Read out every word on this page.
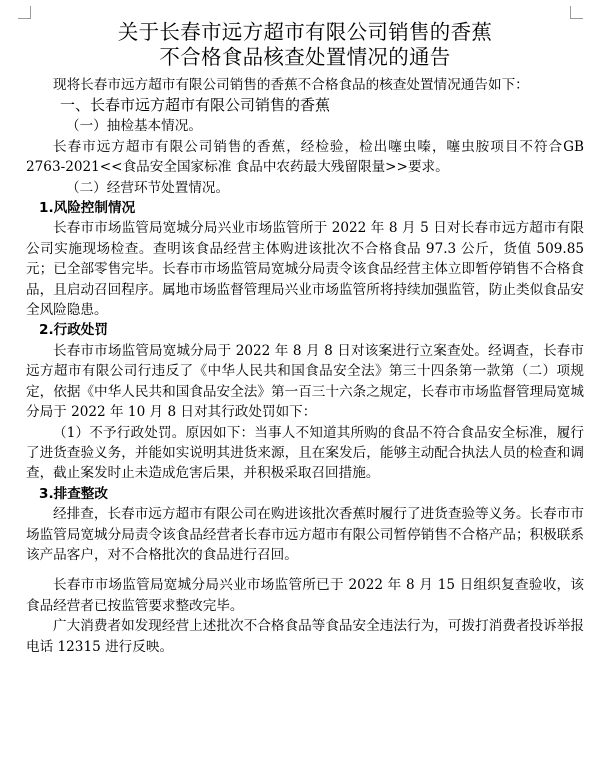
关于长春市远方超市有限公司销售的香蕉
不合格食品核查处置情况的通告

现将长春市远方超市有限公司销售的香蕉不合格食品的核查处置情况通告如下：

一、长春市远方超市有限公司销售的香蕉

（一）抽检基本情况。

长春市远方超市有限公司销售的香蕉，经检验，检出噻虫嗪，噻虫胺项目不符合GB 2763-2021<<食品安全国家标准 食品中农药最大残留限量>>要求。

（二）经营环节处置情况。

1.风险控制情况

长春市市场监管局宽城分局兴业市场监管所于 2022 年 8 月 5 日对长春市远方超市有限公司实施现场检查。查明该食品经营主体购进该批次不合格食品 97.3 公斤，货值 509.85 元；已全部零售完毕。长春市市场监管局宽城分局责令该食品经营主体立即暂停销售不合格食品，且启动召回程序。属地市场监督管理局兴业市场监管所将持续加强监管，防止类似食品安全风险隐患。

2.行政处罚

长春市市场监管局宽城分局于 2022 年 8 月 8 日对该案进行立案查处。经调查，长春市远方超市有限公司行违反了《中华人民共和国食品安全法》第三十四条第一款第（二）项规定，依据《中华人民共和国食品安全法》第一百三十六条之规定，长春市市场监督管理局宽城分局于 2022 年 10 月 8 日对其行政处罚如下：

（1）不予行政处罚。原因如下：当事人不知道其所购的食品不符合食品安全标准，履行了进货查验义务，并能如实说明其进货来源，且在案发后，能够主动配合执法人员的检查和调查，截止案发时止未造成危害后果，并积极采取召回措施。

3.排查整改

经排查，长春市远方超市有限公司在购进该批次香蕉时履行了进货查验等义务。长春市市场监管局宽城分局责令该食品经营者长春市远方超市有限公司暂停销售不合格产品；积极联系该产品客户，对不合格批次的食品进行召回。

长春市市场监管局宽城分局兴业市场监管所已于 2022 年 8 月 15 日组织复查验收，该食品经营者已按监管要求整改完毕。

广大消费者如发现经营上述批次不合格食品等食品安全违法行为，可拨打消费者投诉举报电话 12315 进行反映。
